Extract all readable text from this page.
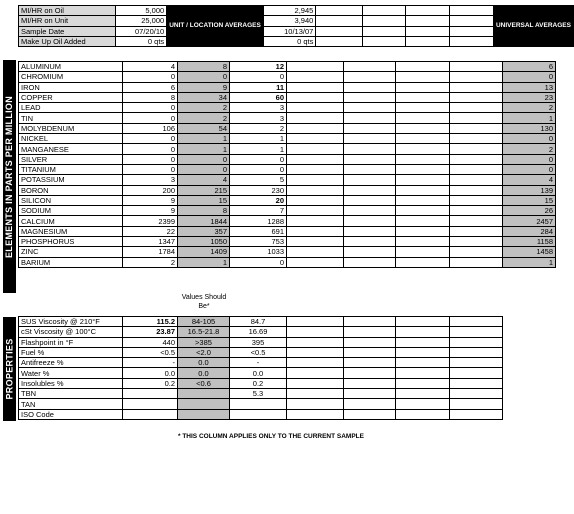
MI/HR on Oil	5,000	UNIT / LOCATION AVERAGES	2,945					UNIVERSAL AVERAGES
MI/HR on Unit	25,000		3,940					
Sample Date	07/20/10		10/13/07					
Make Up Oil Added	0 qts		0 qts					
ELEMENTS IN PARTS PER MILLION
PROPERTIES
ALUMINUM	4	8	12					6
CHROMIUM	0	0	0					0
IRON	6	9	11					13
COPPER	8	34	60					23
LEAD	0	2	3					2
TIN	0	2	3					1
MOLYBDENUM	106	54	2					130
NICKEL	0	1	1					0
MANGANESE	0	1	1					2
SILVER	0	0	0					0
TITANIUM	0	0	0					0
POTASSIUM	3	4	5					4
BORON	200	215	230					139
SILICON	9	15	20					15
SODIUM	9	8	7					26
CALCIUM	2399	1844	1288					2457
MAGNESIUM	22	357	691					284
PHOSPHORUS	1347	1050	753					1158
ZINC	1784	1409	1033					1458
BARIUM	2	1	0					1
Values Should Be*
SUS Viscosity @ 210°F	115.2	84-105	84.7				
cSt Viscosity @ 100°C	23.87	16.5-21.8	16.69				
Flashpoint in °F	440	>385	395				
Fuel %	<0.5	<2.0	<0.5				
Antifreeze %	-	0.0	-				
Water %	0.0	0.0	0.0				
Insolubles %	0.2	<0.6	0.2				
TBN			5.3				
TAN							
ISO Code							
* THIS COLUMN APPLIES ONLY TO THE CURRENT SAMPLE
